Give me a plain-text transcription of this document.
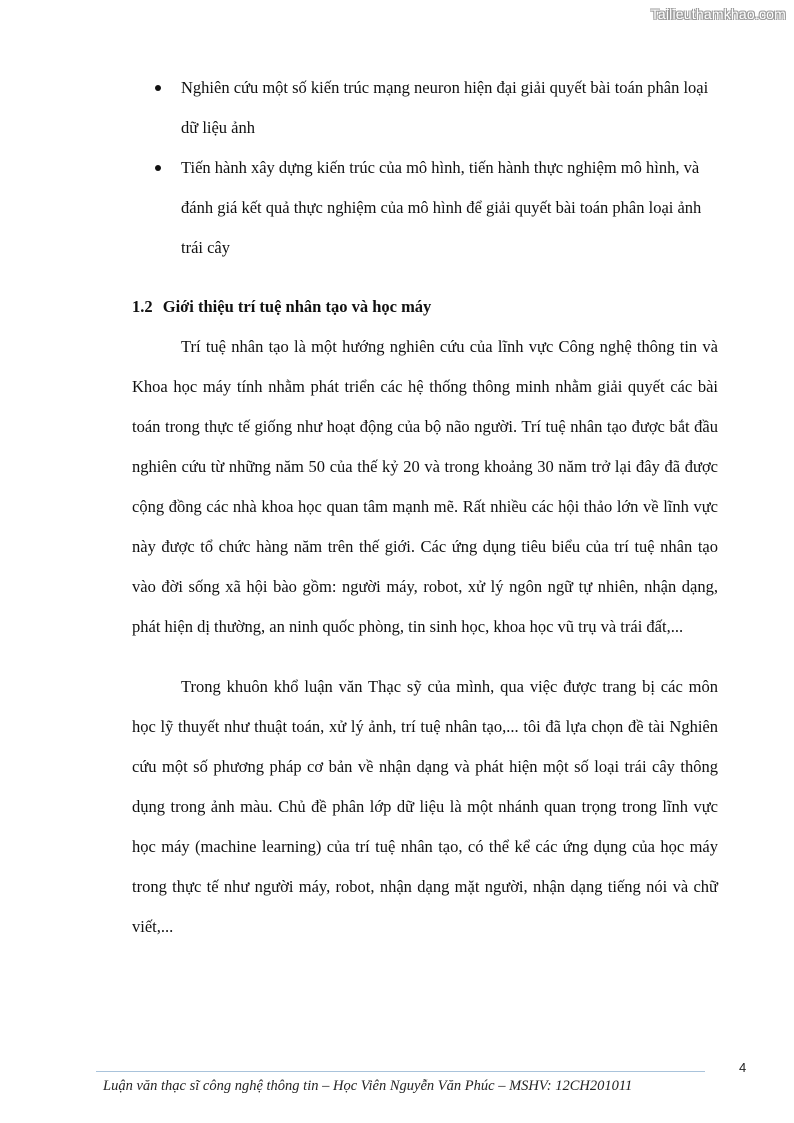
Tailieuthamkhao.com
Nghiên cứu một số kiến trúc mạng neuron hiện đại giải quyết bài toán phân loại dữ liệu ảnh
Tiến hành xây dựng kiến trúc của mô hình, tiến hành thực nghiệm mô hình, và đánh giá kết quả thực nghiệm của mô hình để giải quyết bài toán phân loại ảnh trái cây
1.2 Giới thiệu trí tuệ nhân tạo và học máy

Trí tuệ nhân tạo là một hướng nghiên cứu của lĩnh vực Công nghệ thông tin và Khoa học máy tính nhằm phát triển các hệ thống thông minh nhằm giải quyết các bài toán trong thực tế giống như hoạt động của bộ não người. Trí tuệ nhân tạo được bắt đầu nghiên cứu từ những năm 50 của thế kỷ 20 và trong khoảng 30 năm trở lại đây đã được cộng đồng các nhà khoa học quan tâm mạnh mẽ. Rất nhiều các hội thảo lớn về lĩnh vực này được tổ chức hàng năm trên thế giới. Các ứng dụng tiêu biểu của trí tuệ nhân tạo vào đời sống xã hội bào gồm: người máy, robot, xử lý ngôn ngữ tự nhiên, nhận dạng, phát hiện dị thường, an ninh quốc phòng, tin sinh học, khoa học vũ trụ và trái đất,...

Trong khuôn khổ luận văn Thạc sỹ của mình, qua việc được trang bị các môn học lỹ thuyết như thuật toán, xử lý ảnh, trí tuệ nhân tạo,... tôi đã lựa chọn đề tài Nghiên cứu một số phương pháp cơ bản về nhận dạng và phát hiện một số loại trái cây thông dụng trong ảnh màu. Chủ đề phân lớp dữ liệu là một nhánh quan trọng trong lĩnh vực học máy (machine learning) của trí tuệ nhân tạo, có thể kể các ứng dụng của học máy trong thực tế như người máy, robot, nhận dạng mặt người, nhận dạng tiếng nói và chữ viết,...

4
Luận văn thạc sĩ công nghệ thông tin – Học Viên Nguyễn Văn Phúc – MSHV: 12CH201011
